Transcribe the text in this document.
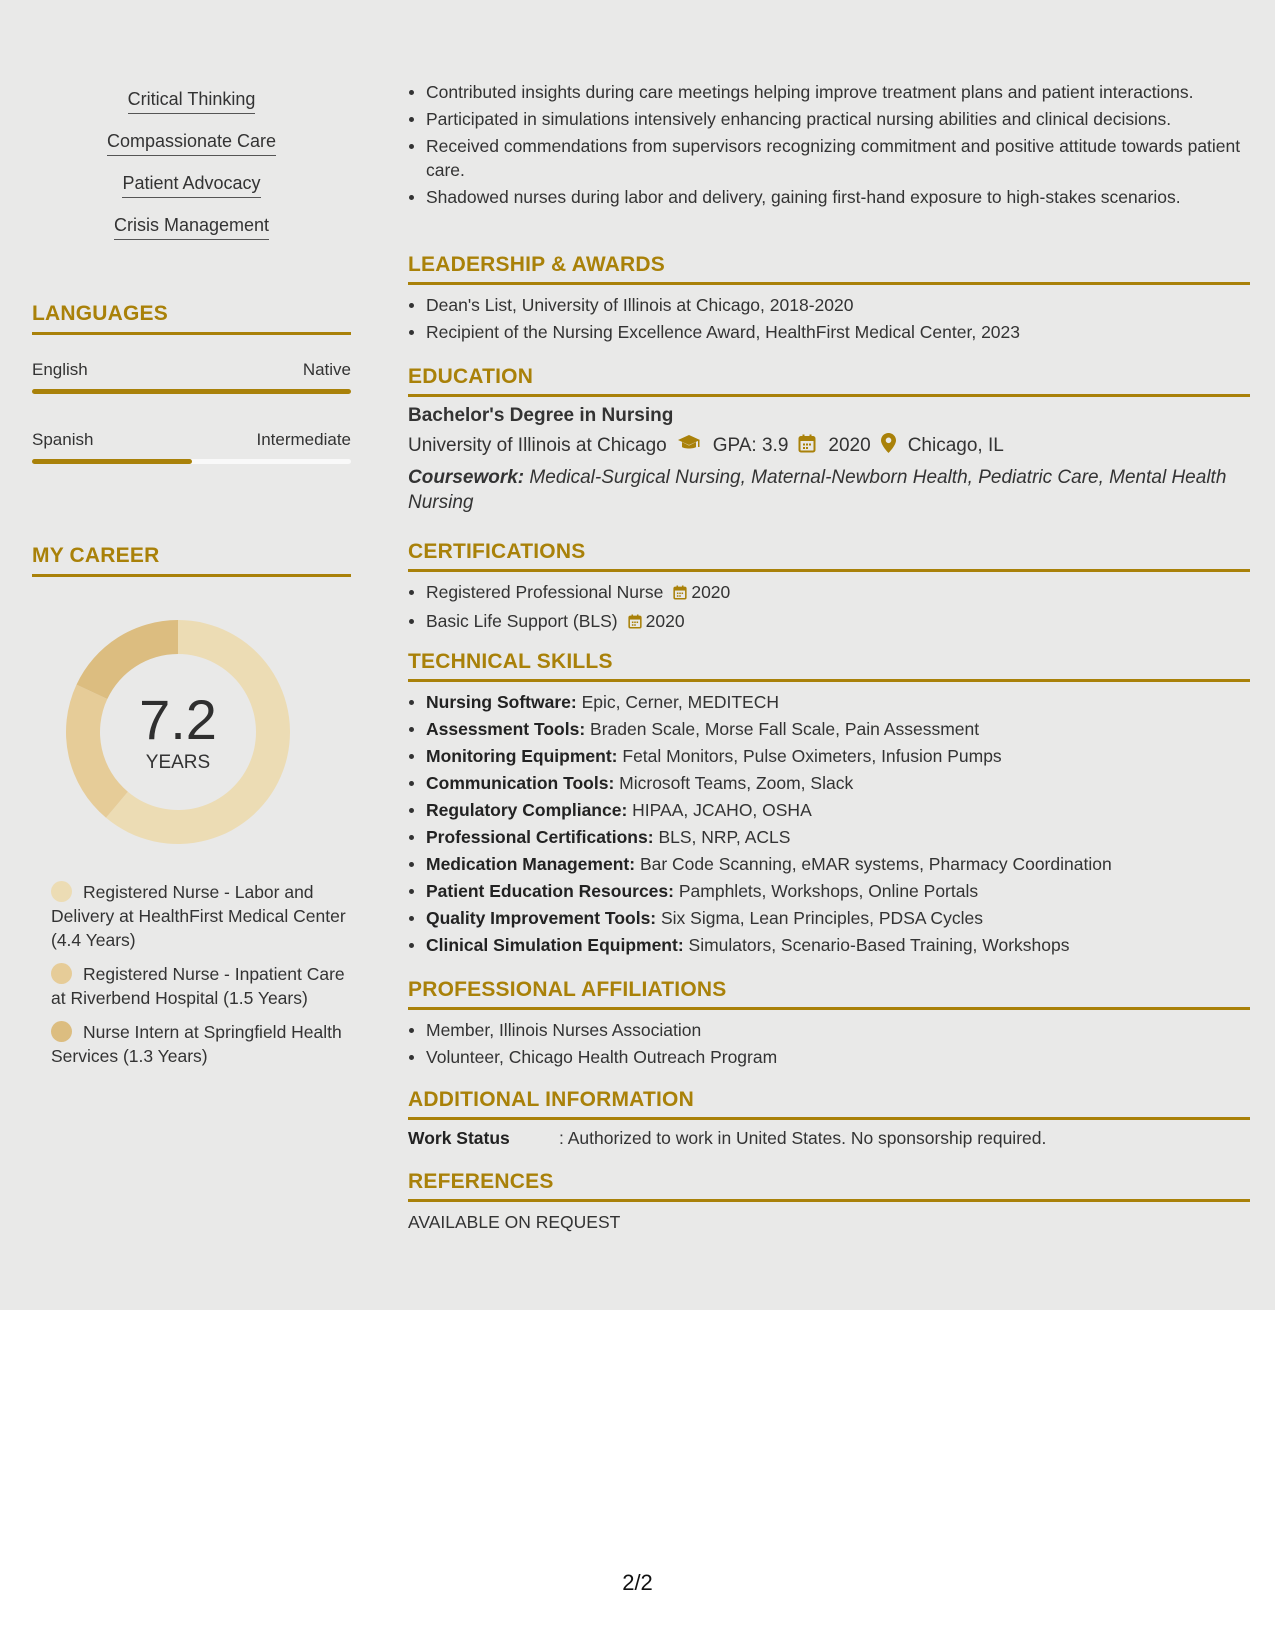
Critical Thinking
Compassionate Care
Patient Advocacy
Crisis Management
LANGUAGES
English	Native
Spanish	Intermediate
MY CAREER
7.2
YEARS
Registered Nurse - Labor and Delivery at HealthFirst Medical Center (4.4 Years)
Registered Nurse - Inpatient Care at Riverbend Hospital (1.5 Years)
Nurse Intern at Springfield Health Services (1.3 Years)
Contributed insights during care meetings helping improve treatment plans and patient interactions.
Participated in simulations intensively enhancing practical nursing abilities and clinical decisions.
Received commendations from supervisors recognizing commitment and positive attitude towards patient care.
Shadowed nurses during labor and delivery, gaining first-hand exposure to high-stakes scenarios.
LEADERSHIP & AWARDS
Dean's List, University of Illinois at Chicago, 2018-2020
Recipient of the Nursing Excellence Award, HealthFirst Medical Center, 2023
EDUCATION
Bachelor's Degree in Nursing
University of Illinois at Chicago GPA: 3.9 2020 Chicago, IL
Coursework: Medical-Surgical Nursing, Maternal-Newborn Health, Pediatric Care, Mental Health Nursing
CERTIFICATIONS
Registered Professional Nurse 2020
Basic Life Support (BLS) 2020
TECHNICAL SKILLS
Nursing Software: Epic, Cerner, MEDITECH
Assessment Tools: Braden Scale, Morse Fall Scale, Pain Assessment
Monitoring Equipment: Fetal Monitors, Pulse Oximeters, Infusion Pumps
Communication Tools: Microsoft Teams, Zoom, Slack
Regulatory Compliance: HIPAA, JCAHO, OSHA
Professional Certifications: BLS, NRP, ACLS
Medication Management: Bar Code Scanning, eMAR systems, Pharmacy Coordination
Patient Education Resources: Pamphlets, Workshops, Online Portals
Quality Improvement Tools: Six Sigma, Lean Principles, PDSA Cycles
Clinical Simulation Equipment: Simulators, Scenario-Based Training, Workshops
PROFESSIONAL AFFILIATIONS
Member, Illinois Nurses Association
Volunteer, Chicago Health Outreach Program
ADDITIONAL INFORMATION
Work Status	: Authorized to work in United States. No sponsorship required.
REFERENCES
AVAILABLE ON REQUEST
2/2
